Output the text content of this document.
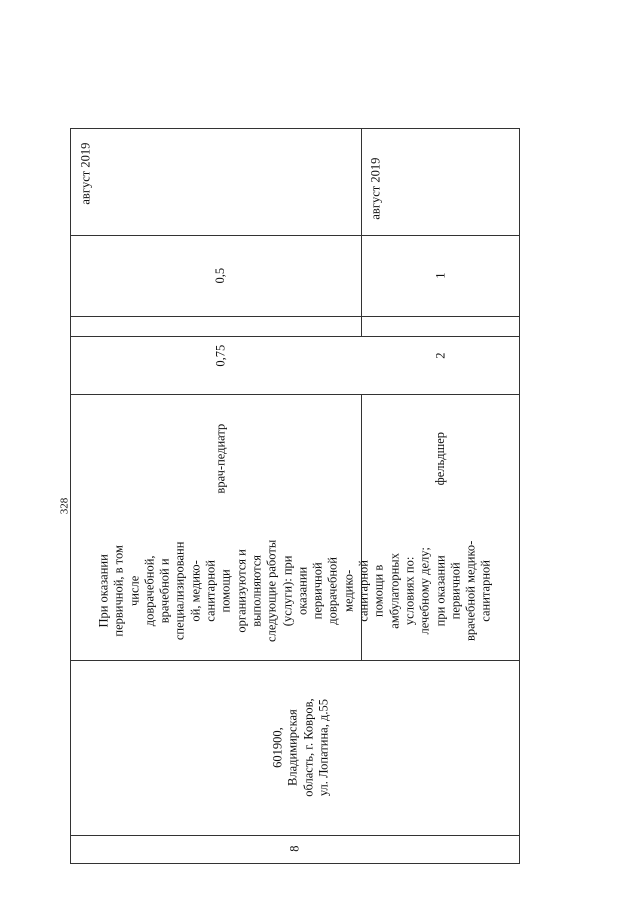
328
8
601900,
Владимирская
область, г. Ковров,
ул. Лопатина, д.55
При оказании
первичной, в том
числе
доврачебной,
врачебной и
специализированн
ой, медико-
санитарной
помощи
организуются и
выполняются
следующие работы
(услуги): при
оказании
первичной
доврачебной
медико-
санитарной
помощи в
амбулаторных
условиях по:
лечебному делу;
при оказании
первичной
врачебной медико-
санитарной
врач-педиатр
0,75
0,5
август 2019
фельдшер
2
1
август 2019
